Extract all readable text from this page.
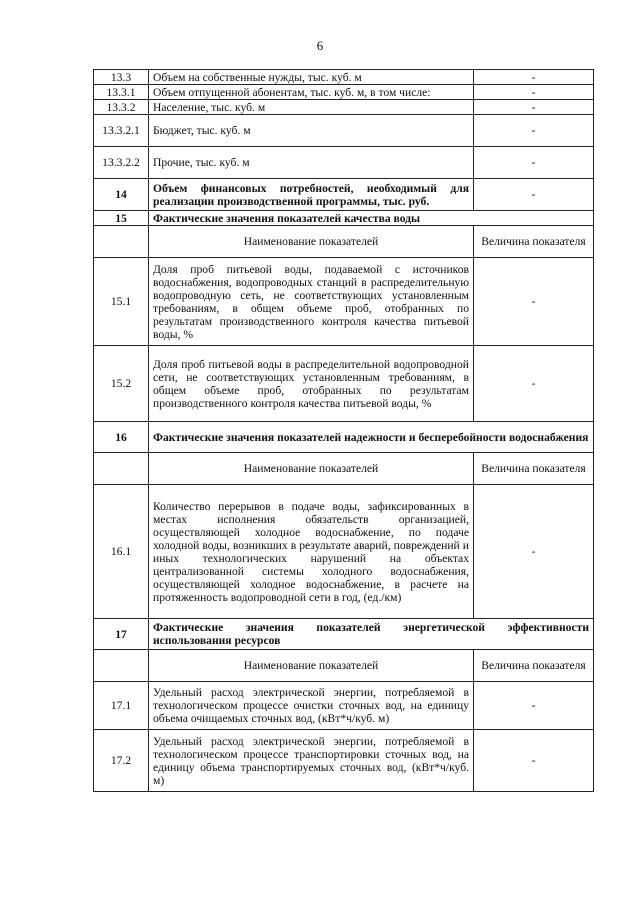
6
13.3	Объем на собственные нужды, тыс. куб. м	-
13.3.1	Объем отпущенной абонентам, тыс. куб. м, в том числе:	-
13.3.2	Население, тыс. куб. м	-
13.3.2.1	Бюджет, тыс. куб. м	-
13.3.2.2	Прочие, тыс. куб. м	-
14	Объем финансовых потребностей, необходимый для реализации производственной программы, тыс. руб.	-
15	Фактические значения показателей качества воды	
	Наименование показателей	Величина показателя
15.1	Доля проб питьевой воды, подаваемой с источников водоснабжения, водопроводных станций в распределительную водопроводную сеть, не соответствующих установленным требованиям, в общем объеме проб, отобранных по результатам производственного контроля качества питьевой воды, %	-
15.2	Доля проб питьевой воды в распределительной водопроводной сети, не соответствующих установленным требованиям, в общем объеме проб, отобранных по результатам производственного контроля качества питьевой воды, %	-
16	Фактические значения показателей надежности и бесперебойности водоснабжения	
	Наименование показателей	Величина показателя
16.1	Количество перерывов в подаче воды, зафиксированных в местах исполнения обязательств организацией, осуществляющей холодное водоснабжение, по подаче холодной воды, возникших в результате аварий, повреждений и иных технологических нарушений на объектах централизованной системы холодного водоснабжения, осуществляющей холодное водоснабжение, в расчете на протяженность водопроводной сети в год, (ед./км)	-
17	Фактические значения показателей энергетической эффективности использования ресурсов	
	Наименование показателей	Величина показателя
17.1	Удельный расход электрической энергии, потребляемой в технологическом процессе очистки сточных вод, на единицу объема очищаемых сточных вод, (кВт*ч/куб. м)	-
17.2	Удельный расход электрической энергии, потребляемой в технологическом процессе транспортировки сточных вод, на единицу объема транспортируемых сточных вод, (кВт*ч/куб. м)	-
